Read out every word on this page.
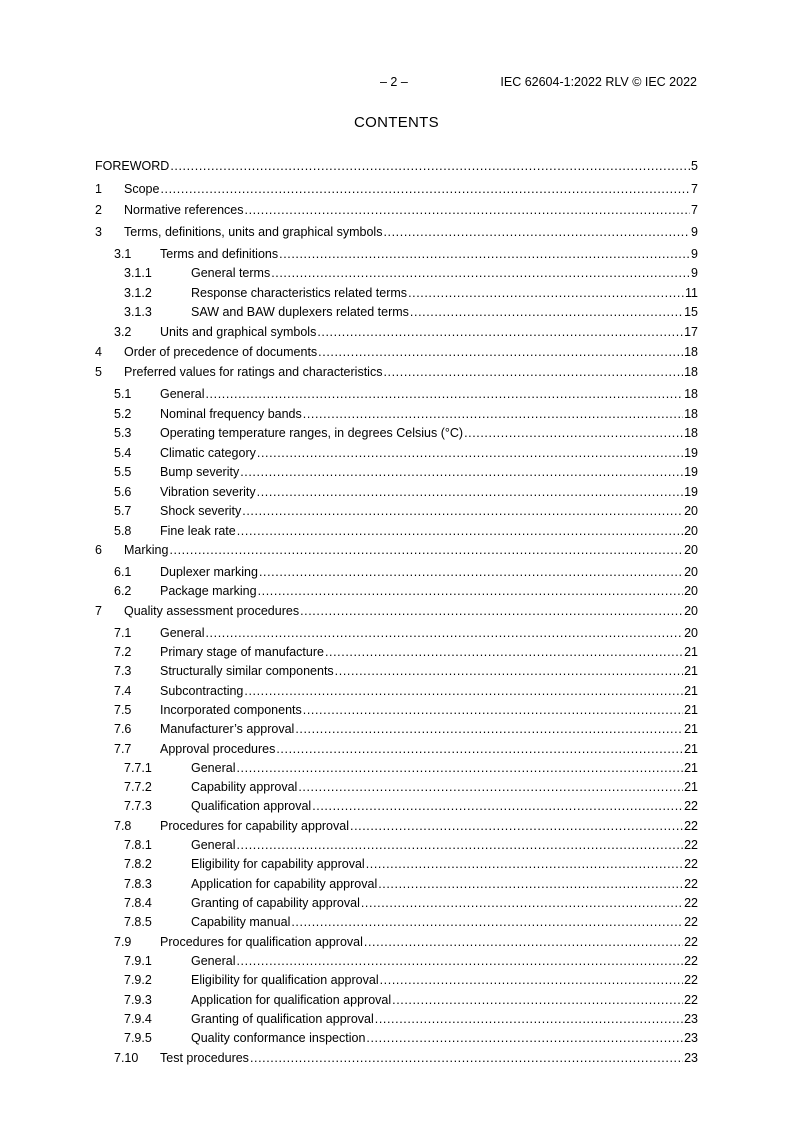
– 2 –	IEC 62604-1:2022 RLV © IEC 2022
CONTENTS
FOREWORD .....	5
1	Scope .....	7
2	Normative references .....	7
3	Terms, definitions, units and graphical symbols .....	9
3.1	Terms and definitions .....	9
3.1.1	General terms .....	9
3.1.2	Response characteristics related terms .....	11
3.1.3	SAW and BAW duplexers related terms .....	15
3.2	Units and graphical symbols .....	17
4	Order of precedence of documents .....	18
5	Preferred values for ratings and characteristics .....	18
5.1	General .....	18
5.2	Nominal frequency bands .....	18
5.3	Operating temperature ranges, in degrees Celsius (°C) .....	18
5.4	Climatic category .....	19
5.5	Bump severity .....	19
5.6	Vibration severity .....	19
5.7	Shock severity .....	20
5.8	Fine leak rate .....	20
6	Marking .....	20
6.1	Duplexer marking .....	20
6.2	Package marking .....	20
7	Quality assessment procedures .....	20
7.1	General .....	20
7.2	Primary stage of manufacture .....	21
7.3	Structurally similar components .....	21
7.4	Subcontracting .....	21
7.5	Incorporated components .....	21
7.6	Manufacturer’s approval .....	21
7.7	Approval procedures .....	21
7.7.1	General .....	21
7.7.2	Capability approval .....	21
7.7.3	Qualification approval .....	22
7.8	Procedures for capability approval .....	22
7.8.1	General .....	22
7.8.2	Eligibility for capability approval .....	22
7.8.3	Application for capability approval .....	22
7.8.4	Granting of capability approval .....	22
7.8.5	Capability manual .....	22
7.9	Procedures for qualification approval .....	22
7.9.1	General .....	22
7.9.2	Eligibility for qualification approval .....	22
7.9.3	Application for qualification approval .....	22
7.9.4	Granting of qualification approval .....	23
7.9.5	Quality conformance inspection .....	23
7.10	Test procedures .....	23
